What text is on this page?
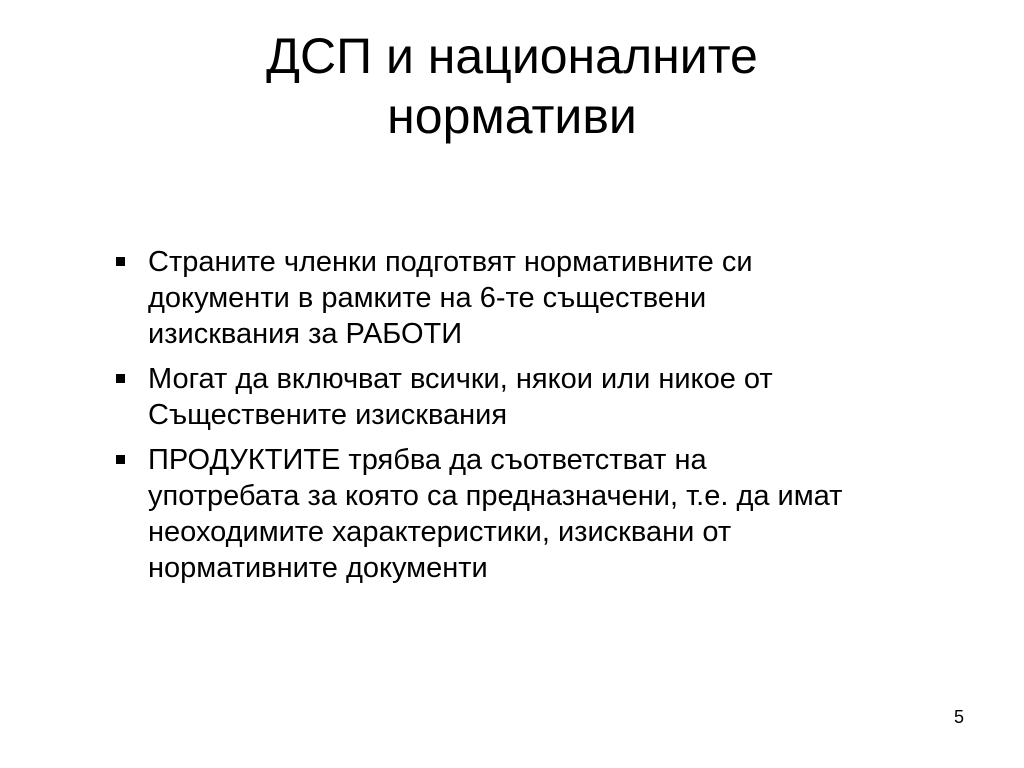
ДСП и националните
нормативи
Страните членки подготвят нормативните си
документи в рамките на 6-те съществени
изисквания за РАБОТИ
Могат да включват всички, някои или никое от
Съществените изисквания
ПРОДУКТИТЕ трябва да съответстват на
употребата за която са предназначени, т.е. да имат
неоходимите характеристики, изисквани от
нормативните документи
5
